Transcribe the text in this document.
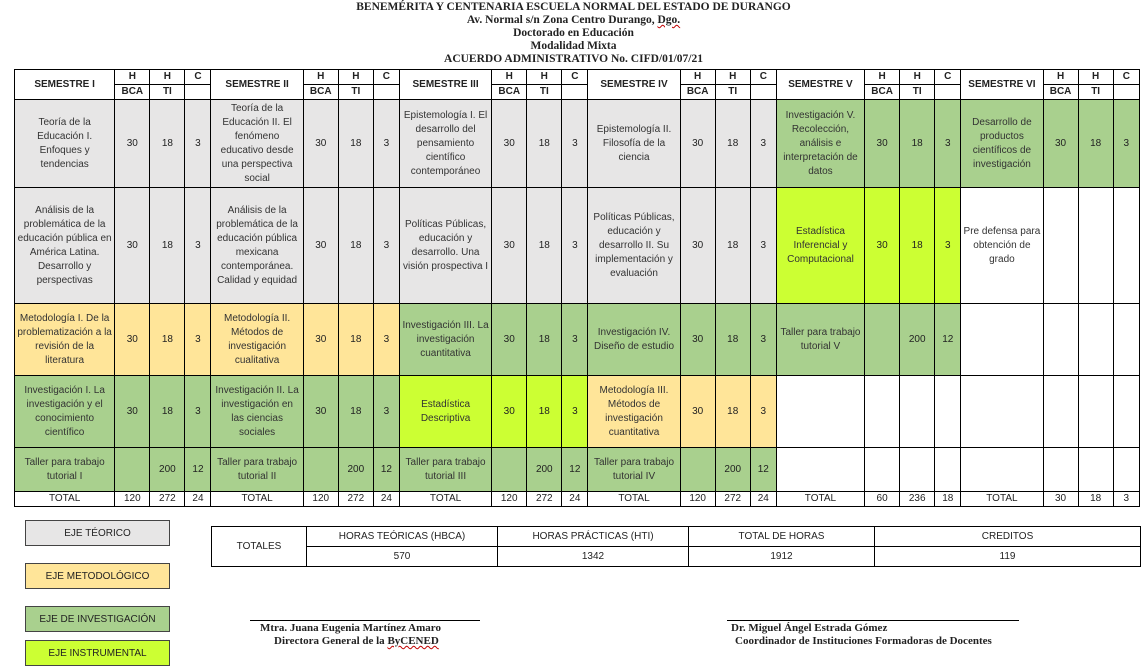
BENEMÉRITA Y CENTENARIA ESCUELA NORMAL DEL ESTADO DE DURANGO
Av. Normal s/n Zona Centro Durango, Dgo.
Doctorado en Educación
Modalidad Mixta
ACUERDO ADMINISTRATIVO No. CIFD/01/07/21
SEMESTRE I	H	H	C	SEMESTRE II	H	H	C	SEMESTRE III	H	H	C	SEMESTRE IV	H	H	C	SEMESTRE V	H	H	C	SEMESTRE VI	H	H	C
	BCA	TI			BCA	TI			BCA	TI			BCA	TI			BCA	TI			BCA	TI	
Teoría de la Educación I. Enfoques y tendencias	30	18	3	Teoría de la Educación II. El fenómeno educativo desde una perspectiva social	30	18	3	Epistemología I. El desarrollo del pensamiento científico contemporáneo	30	18	3	Epistemología II. Filosofía de la ciencia	30	18	3	Investigación V. Recolección, análisis e interpretación de datos	30	18	3	Desarrollo de productos científicos de investigación	30	18	3
Análisis de la problemática de la educación pública en América Latina. Desarrollo y perspectivas	30	18	3	Análisis de la problemática de la educación pública mexicana contemporánea. Calidad y equidad	30	18	3	Políticas Públicas, educación y desarrollo. Una visión prospectiva I	30	18	3	Políticas Públicas, educación y desarrollo II. Su implementación y evaluación	30	18	3	Estadística Inferencial y Computacional	30	18	3	Pre defensa para obtención de grado			
Metodología I. De la problematización a la revisión de la literatura	30	18	3	Metodología II. Métodos de investigación cualitativa	30	18	3	Investigación III. La investigación cuantitativa	30	18	3	Investigación IV. Diseño de estudio	30	18	3	Taller para trabajo tutorial V		200	12				
Investigación I. La investigación y el conocimiento científico	30	18	3	Investigación II. La investigación en las ciencias sociales	30	18	3	Estadística Descriptiva	30	18	3	Metodología III. Métodos de investigación cuantitativa	30	18	3								
Taller para trabajo tutorial I		200	12	Taller para trabajo tutorial II		200	12	Taller para trabajo tutorial III		200	12	Taller para trabajo tutorial IV		200	12								
TOTAL	120	272	24	TOTAL	120	272	24	TOTAL	120	272	24	TOTAL	120	272	24	TOTAL	60	236	18	TOTAL	30	18	3
EJE TÉORICO
EJE METODOLÓGICO
EJE DE INVESTIGACIÓN
EJE INSTRUMENTAL
TOTALES	HORAS TEÓRICAS (HBCA)	HORAS PRÁCTICAS (HTI)	TOTAL DE HORAS	CREDITOS
	570	1342	1912	119
Mtra. Juana Eugenia Martínez Amaro
Directora General de la ByCENED
Dr. Miguel Ángel Estrada Gómez
Coordinador de Instituciones Formadoras de Docentes
